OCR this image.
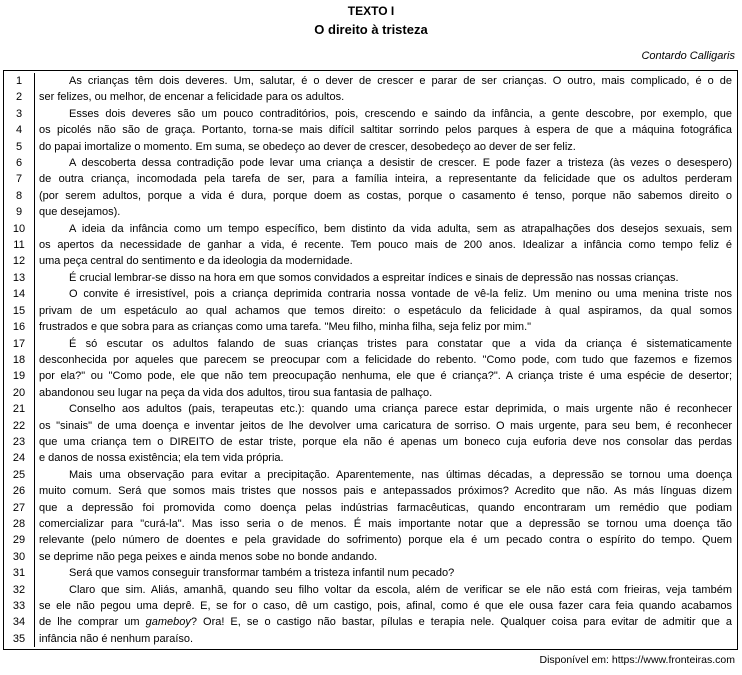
TEXTO I
O direito à tristeza
Contardo Calligaris
1	As crianças têm dois deveres. Um, salutar, é o dever de crescer e parar de ser crianças. O outro, mais complicado, é o de
2	ser felizes, ou melhor, de encenar a felicidade para os adultos.
3	Esses dois deveres são um pouco contraditórios, pois, crescendo e saindo da infância, a gente descobre, por exemplo, que
4	os picolés não são de graça. Portanto, torna-se mais difícil saltitar sorrindo pelos parques à espera de que a máquina fotográfica
5	do papai imortalize o momento. Em suma, se obedeço ao dever de crescer, desobedeço ao dever de ser feliz.
6	A descoberta dessa contradição pode levar uma criança a desistir de crescer. E pode fazer a tristeza (às vezes o desespero)
7	de outra criança, incomodada pela tarefa de ser, para a família inteira, a representante da felicidade que os adultos perderam
8	(por serem adultos, porque a vida é dura, porque doem as costas, porque o casamento é tenso, porque não sabemos direito o
9	que desejamos).
10	A ideia da infância como um tempo específico, bem distinto da vida adulta, sem as atrapalhações dos desejos sexuais, sem
11	os apertos da necessidade de ganhar a vida, é recente. Tem pouco mais de 200 anos. Idealizar a infância como tempo feliz é
12	uma peça central do sentimento e da ideologia da modernidade.
13	É crucial lembrar-se disso na hora em que somos convidados a espreitar índices e sinais de depressão nas nossas crianças.
14	O convite é irresistível, pois a criança deprimida contraria nossa vontade de vê-la feliz. Um menino ou uma menina triste nos
15	privam de um espetáculo ao qual achamos que temos direito: o espetáculo da felicidade à qual aspiramos, da qual somos
16	frustrados e que sobra para as crianças como uma tarefa. "Meu filho, minha filha, seja feliz por mim."
17	É só escutar os adultos falando de suas crianças tristes para constatar que a vida da criança é sistematicamente
18	desconhecida por aqueles que parecem se preocupar com a felicidade do rebento. "Como pode, com tudo que fazemos e fizemos
19	por ela?" ou "Como pode, ele que não tem preocupação nenhuma, ele que é criança?". A criança triste é uma espécie de desertor;
20	abandonou seu lugar na peça da vida dos adultos, tirou sua fantasia de palhaço.
21	Conselho aos adultos (pais, terapeutas etc.): quando uma criança parece estar deprimida, o mais urgente não é reconhecer
22	os "sinais" de uma doença e inventar jeitos de lhe devolver uma caricatura de sorriso. O mais urgente, para seu bem, é reconhecer
23	que uma criança tem o DIREITO de estar triste, porque ela não é apenas um boneco cuja euforia deve nos consolar das perdas
24	e danos de nossa existência; ela tem vida própria.
25	Mais uma observação para evitar a precipitação. Aparentemente, nas últimas décadas, a depressão se tornou uma doença
26	muito comum. Será que somos mais tristes que nossos pais e antepassados próximos? Acredito que não. As más línguas dizem
27	que a depressão foi promovida como doença pelas indústrias farmacêuticas, quando encontraram um remédio que podiam
28	comercializar para "curá-la". Mas isso seria o de menos. É mais importante notar que a depressão se tornou uma doença tão
29	relevante (pelo número de doentes e pela gravidade do sofrimento) porque ela é um pecado contra o espírito do tempo. Quem
30	se deprime não pega peixes e ainda menos sobe no bonde andando.
31	Será que vamos conseguir transformar também a tristeza infantil num pecado?
32	Claro que sim. Aliás, amanhã, quando seu filho voltar da escola, além de verificar se ele não está com frieiras, veja também
33	se ele não pegou uma deprê. E, se for o caso, dê um castigo, pois, afinal, como é que ele ousa fazer cara feia quando acabamos
34	de lhe comprar um gameboy? Ora! E, se o castigo não bastar, pílulas e terapia nele. Qualquer coisa para evitar de admitir que a
35	infância não é nenhum paraíso.
Disponível em: https://www.fronteiras.com
